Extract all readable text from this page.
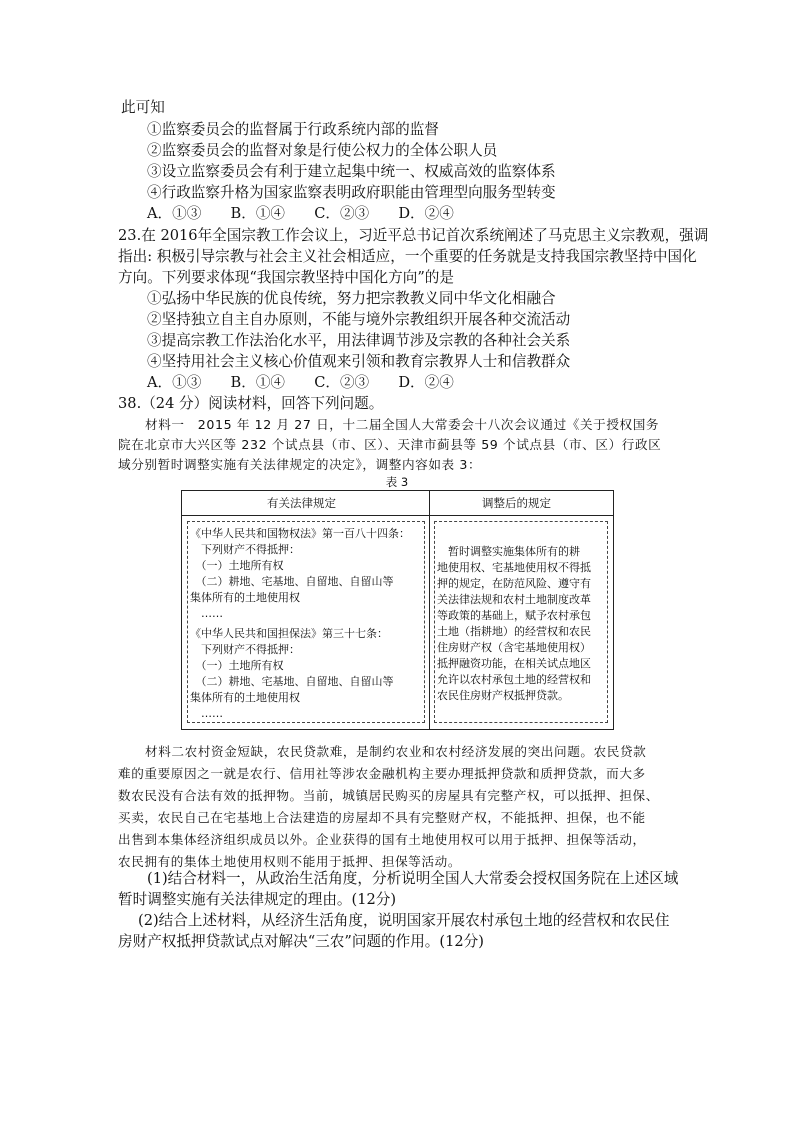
此可知
①监察委员会的监督属于行政系统内部的监督
②监察委员会的监督对象是行使公权力的全体公职人员
③设立监察委员会有利于建立起集中统一、权威高效的监察体系
④行政监察升格为国家监察表明政府职能由管理型向服务型转变
A．①③　　B．①④　　C．②③　　D．②④
23.在 2016年全国宗教工作会议上，习近平总书记首次系统阐述了马克思主义宗教观，强调
指出: 积极引导宗教与社会主义社会相适应，一个重要的任务就是支持我国宗教坚持中国化
方向。下列要求体现“我国宗教坚持中国化方向”的是
①弘扬中华民族的优良传统，努力把宗教教义同中华文化相融合
②坚持独立自主自办原则，不能与境外宗教组织开展各种交流活动
③提高宗教工作法治化水平，用法律调节涉及宗教的各种社会关系
④坚持用社会主义核心价值观来引领和教育宗教界人士和信教群众
A．①③　　B．①④　　C．②③　　D．②④
38.（24 分）阅读材料，回答下列问题。
材料一　2015 年 12 月 27 日，十二届全国人大常委会十八次会议通过《关于授权国务
院在北京市大兴区等 232 个试点县（市、区）、天津市蓟县等 59 个试点县（市、区）行政区
域分别暂时调整实施有关法律规定的决定》，调整内容如表 3：
表 3
有关法律规定	调整后的规定
《中华人民共和国物权法》第一百八十四条：
　下列财产不得抵押：
　（一）土地所有权
　（二）耕地、宅基地、自留地、自留山等
集体所有的土地使用权
　……
《中华人民共和国担保法》第三十七条：
　下列财产不得抵押：
　（一）土地所有权
　（二）耕地、宅基地、自留地、自留山等
集体所有的土地使用权
　……
　暂时调整实施集体所有的耕
地使用权、宅基地使用权不得抵
押的规定，在防范风险、遵守有
关法律法规和农村土地制度改革
等政策的基础上，赋予农村承包
土地（指耕地）的经营权和农民
住房财产权（含宅基地使用权）
抵押融资功能，在相关试点地区
允许以农村承包土地的经营权和
农民住房财产权抵押贷款。
材料二农村资金短缺，农民贷款难，是制约农业和农村经济发展的突出问题。农民贷款
难的重要原因之一就是农行、信用社等涉农金融机构主要办理抵押贷款和质押贷款，而大多
数农民没有合法有效的抵押物。当前，城镇居民购买的房屋具有完整产权，可以抵押、担保、
买卖，农民自己在宅基地上合法建造的房屋却不具有完整财产权，不能抵押、担保，也不能
出售到本集体经济组织成员以外。企业获得的国有土地使用权可以用于抵押、担保等活动，
农民拥有的集体土地使用权则不能用于抵押、担保等活动。
(1)结合材料一，从政治生活角度，分析说明全国人大常委会授权国务院在上述区域
暂时调整实施有关法律规定的理由。(12分)
(2)结合上述材料，从经济生活角度，说明国家开展农村承包土地的经营权和农民住
房财产权抵押贷款试点对解决“三农”问题的作用。(12分)
